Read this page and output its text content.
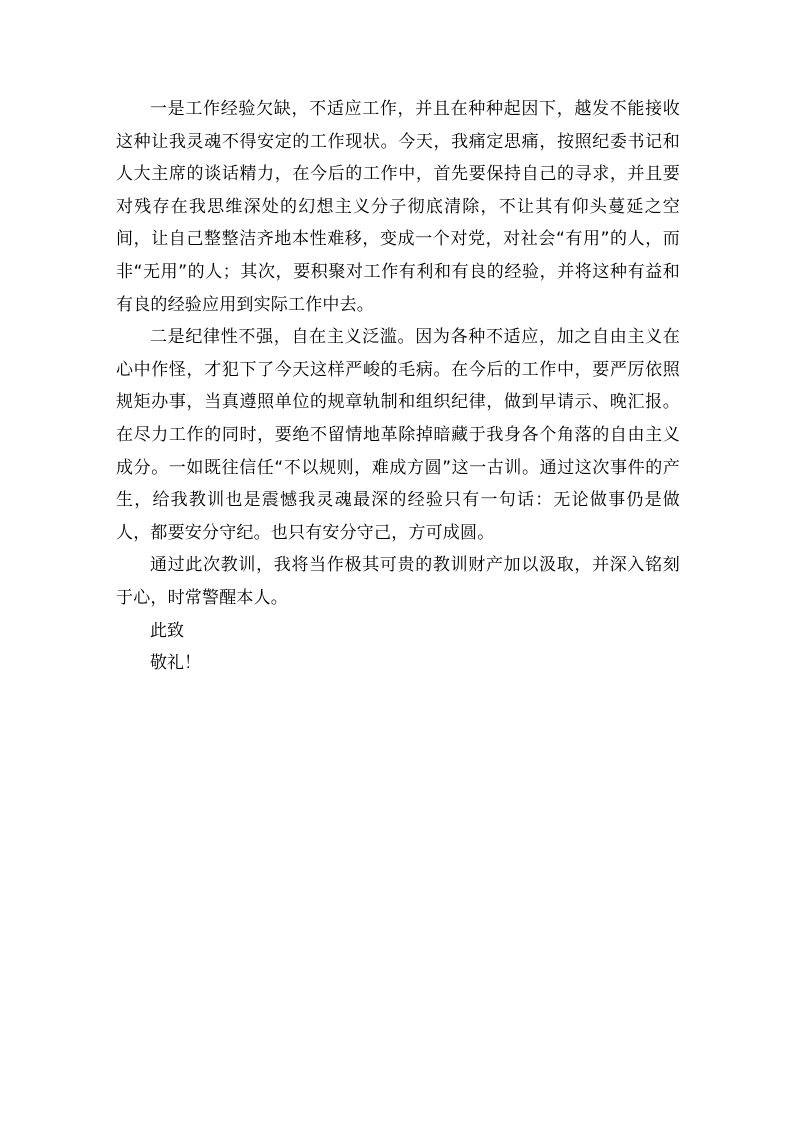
一是工作经验欠缺，不适应工作，并且在种种起因下，越发不能接收这种让我灵魂不得安定的工作现状。今天，我痛定思痛，按照纪委书记和人大主席的谈话精力，在今后的工作中，首先要保持自己的寻求，并且要对残存在我思维深处的幻想主义分子彻底清除，不让其有仰头蔓延之空间，让自己整整洁齐地本性难移，变成一个对党，对社会“有用”的人，而非“无用”的人；其次，要积聚对工作有利和有良的经验，并将这种有益和有良的经验应用到实际工作中去。

二是纪律性不强，自在主义泛滥。因为各种不适应，加之自由主义在心中作怪，才犯下了今天这样严峻的毛病。在今后的工作中，要严厉依照规矩办事，当真遵照单位的规章轨制和组织纪律，做到早请示、晚汇报。在尽力工作的同时，要绝不留情地革除掉暗藏于我身各个角落的自由主义成分。一如既往信任“不以规则，难成方圆”这一古训。通过这次事件的产生，给我教训也是震憾我灵魂最深的经验只有一句话：无论做事仍是做人，都要安分守纪。也只有安分守己，方可成圆。

通过此次教训，我将当作极其可贵的教训财产加以汲取，并深入铭刻于心，时常警醒本人。

此致

敬礼！
